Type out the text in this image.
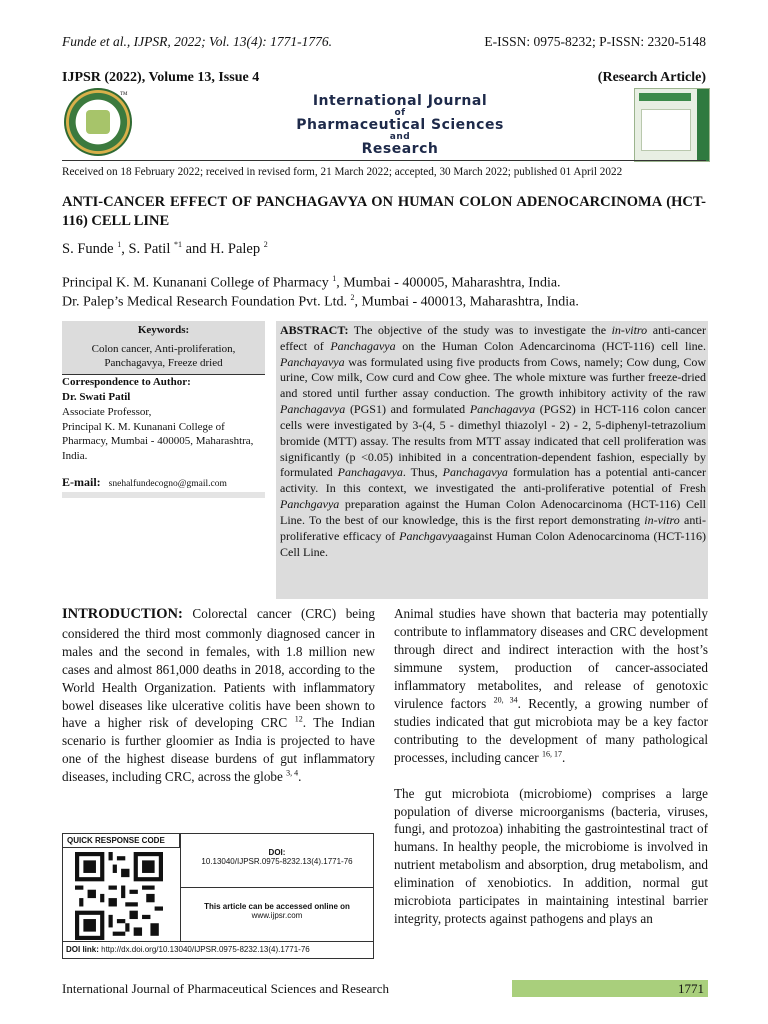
Funde et al., IJPSR, 2022; Vol. 13(4): 1771-1776.	E-ISSN: 0975-8232; P-ISSN: 2320-5148
IJPSR (2022), Volume 13, Issue 4	(Research Article)
TM	International Journal
of
Pharmaceutical Sciences
and
Research
Received on 18 February 2022; received in revised form, 21 March 2022; accepted, 30 March 2022; published 01 April 2022
ANTI-CANCER EFFECT OF PANCHAGAVYA ON HUMAN COLON ADENOCARCINOMA (HCT-116) CELL LINE
S. Funde $^1$, S. Patil $^{*1}$ and H. Palep $^2$
Principal K. M. Kunanani College of Pharmacy $^1$, Mumbai - 400005, Maharashtra, India.
Dr. Palep’s Medical Research Foundation Pvt. Ltd. $^2$, Mumbai - 400013, Maharashtra, India.
Keywords:
Colon cancer, Anti-proliferation, Panchagavya, Freeze dried
Correspondence to Author:
Dr. Swati Patil
Associate Professor,
Principal K. M. Kunanani College of Pharmacy, Mumbai - 400005, Maharashtra, India.
E-mail: snehalfundecogno@gmail.com
ABSTRACT: The objective of the study was to investigate the in-vitro anti-cancer effect of Panchagavya on the Human Colon Adencarcinoma (HCT-116) cell line. Panchayavya was formulated using five products from Cows, namely; Cow dung, Cow urine, Cow milk, Cow curd and Cow ghee. The whole mixture was further freeze-dried and stored until further assay conduction. The growth inhibitory activity of the raw Panchagavya (PGS1) and formulated Panchagavya (PGS2) in HCT-116 colon cancer cells were investigated by 3-(4, 5 - dimethyl thiazolyl - 2) - 2, 5-diphenyl-tetrazolium bromide (MTT) assay. The results from MTT assay indicated that cell proliferation was significantly (p <0.05) inhibited in a concentration-dependent fashion, especially by formulated Panchagavya. Thus, Panchagavya formulation has a potential anti-cancer activity. In this context, we investigated the anti-proliferative potential of Fresh Panchgavya preparation against the Human Colon Adenocarcinoma (HCT-116) Cell Line. To the best of our knowledge, this is the first report demonstrating in-vitro anti-proliferative efficacy of Panchgavyaagainst Human Colon Adenocarcinoma (HCT-116) Cell Line.

INTRODUCTION: Colorectal cancer (CRC) being considered the third most commonly diagnosed cancer in males and the second in females, with 1.8 million new cases and almost 861,000 deaths in 2018, according to the World Health Organization. Patients with inflammatory bowel diseases like ulcerative colitis have been shown to have a higher risk of developing CRC $^{12}$. The Indian scenario is further gloomier as India is projected to have one of the highest disease burdens of gut inflammatory diseases, including CRC, across the globe $^{3, 4}$.

Animal studies have shown that bacteria may potentially contribute to inflammatory diseases and CRC development through direct and indirect interaction with the host’s simmune system, production of cancer-associated inflammatory metabolites, and release of genotoxic virulence factors $^{20, 34}$. Recently, a growing number of studies indicated that gut microbiota may be a key factor contributing to the development of many pathological processes, including cancer $^{16, 17}$.

The gut microbiota (microbiome) comprises a large population of diverse microorganisms (bacteria, viruses, fungi, and protozoa) inhabiting the gastrointestinal tract of humans. In healthy people, the microbiome is involved in nutrient metabolism and absorption, drug metabolism, and elimination of xenobiotics. In addition, normal gut microbiota participates in maintaining intestinal barrier integrity, protects against pathogens and plays an

QUICK RESPONSE CODE
DOI:
10.13040/IJPSR.0975-8232.13(4).1771-76
This article can be accessed online on
www.ijpsr.com
DOI link: http://dx.doi.org/10.13040/IJPSR.0975-8232.13(4).1771-76
International Journal of Pharmaceutical Sciences and Research	1771
